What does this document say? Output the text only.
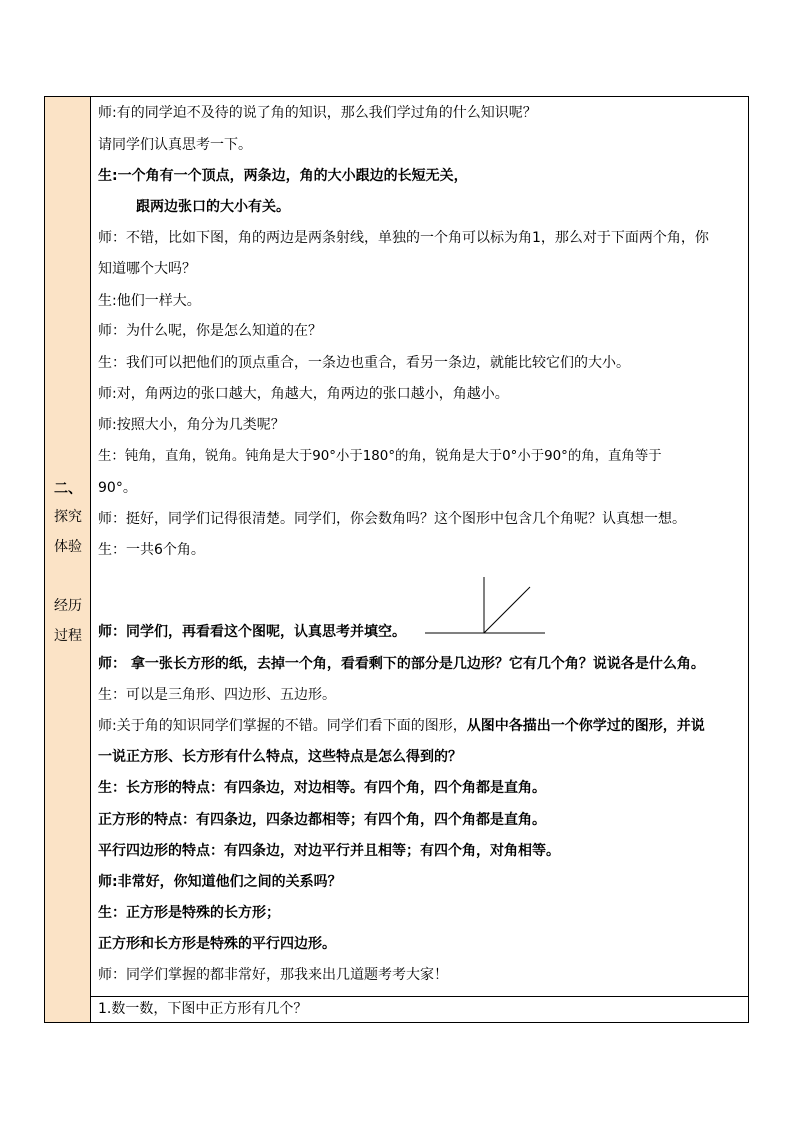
二、
探究
体验
经历
过程
师:有的同学迫不及待的说了角的知识，那么我们学过角的什么知识呢？
请同学们认真思考一下。
生:一个角有一个顶点，两条边，角的大小跟边的长短无关，
跟两边张口的大小有关。
师：不错，比如下图，角的两边是两条射线，单独的一个角可以标为角1，那么对于下面两个角，你
知道哪个大吗？
生:他们一样大。
师：为什么呢，你是怎么知道的在？
生：我们可以把他们的顶点重合，一条边也重合，看另一条边，就能比较它们的大小。
师:对，角两边的张口越大，角越大，角两边的张口越小，角越小。
师:按照大小，角分为几类呢？
生：钝角，直角，锐角。钝角是大于90°小于180°的角，锐角是大于0°小于90°的角，直角等于
90°。
师：挺好，同学们记得很清楚。同学们，你会数角吗？这个图形中包含几个角呢？认真想一想。
生：一共6个角。
师：同学们，再看看这个图呢，认真思考并填空。
师： 拿一张长方形的纸，去掉一个角，看看剩下的部分是几边形？它有几个角？说说各是什么角。
生：可以是三角形、四边形、五边形。
师:关于角的知识同学们掌握的不错。同学们看下面的图形，从图中各描出一个你学过的图形，并说
一说正方形、长方形有什么特点，这些特点是怎么得到的？
生：长方形的特点：有四条边，对边相等。有四个角，四个角都是直角。
正方形的特点：有四条边，四条边都相等；有四个角，四个角都是直角。
平行四边形的特点：有四条边，对边平行并且相等；有四个角，对角相等。
师:非常好，你知道他们之间的关系吗？
生：正方形是特殊的长方形；
正方形和长方形是特殊的平行四边形。
师：同学们掌握的都非常好，那我来出几道题考考大家！
1.数一数，下图中正方形有几个？
